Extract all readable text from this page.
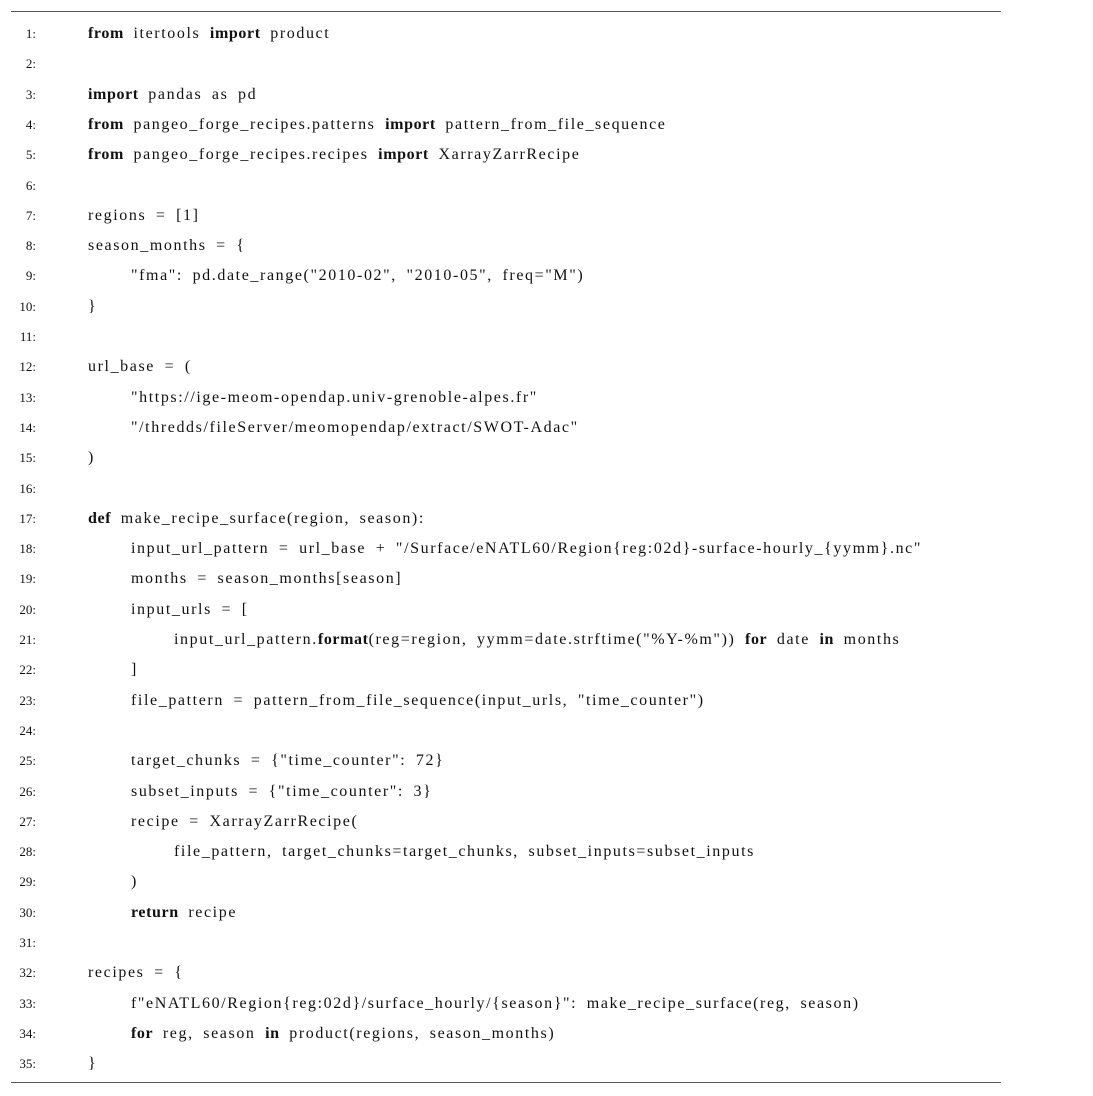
1:	from itertools import product
2:
3:	import pandas as pd
4:	from pangeo_forge_recipes.patterns import pattern_from_file_sequence
5:	from pangeo_forge_recipes.recipes import XarrayZarrRecipe
6:
7:	regions = [1]
8:	season_months = {
9:	"fma": pd.date_range("2010-02", "2010-05", freq="M")
10:	}
11:
12:	url_base = (
13:	"https://ige-meom-opendap.univ-grenoble-alpes.fr"
14:	"/thredds/fileServer/meomopendap/extract/SWOT-Adac"
15:	)
16:
17:	def make_recipe_surface(region, season):
18:	input_url_pattern = url_base + "/Surface/eNATL60/Region{reg:02d}-surface-hourly_{yymm}.nc"
19:	months = season_months[season]
20:	input_urls = [
21:	input_url_pattern.format(reg=region, yymm=date.strftime("%Y-%m")) for date in months
22:	]
23:	file_pattern = pattern_from_file_sequence(input_urls, "time_counter")
24:
25:	target_chunks = {"time_counter": 72}
26:	subset_inputs = {"time_counter": 3}
27:	recipe = XarrayZarrRecipe(
28:	file_pattern, target_chunks=target_chunks, subset_inputs=subset_inputs
29:	)
30:	return recipe
31:
32:	recipes = {
33:	f"eNATL60/Region{reg:02d}/surface_hourly/{season}": make_recipe_surface(reg, season)
34:	for reg, season in product(regions, season_months)
35:	}
